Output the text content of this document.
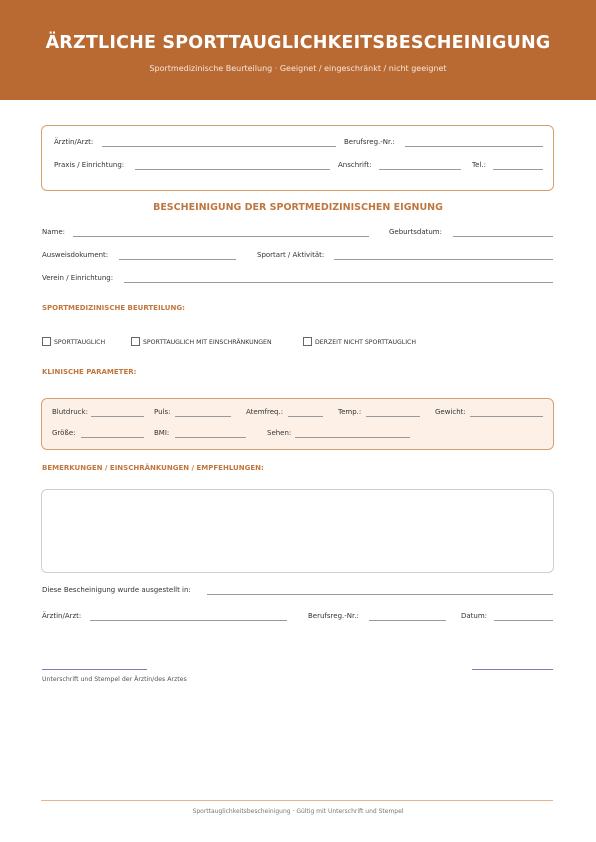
ÄRZTLICHE SPORTTAUGLICHKEITSBESCHEINIGUNG
Sportmedizinische Beurteilung · Geeignet / eingeschränkt / nicht geeignet
Ärztin/Arzt:	Berufsreg.-Nr.:
Praxis / Einrichtung:	Anschrift:	Tel.:
BESCHEINIGUNG DER SPORTMEDIZINISCHEN EIGNUNG
Name:	Geburtsdatum:
Ausweisdokument:	Sportart / Aktivität:
Verein / Einrichtung:
SPORTMEDIZINISCHE BEURTEILUNG:
SPORTTAUGLICH	SPORTTAUGLICH MIT EINSCHRÄNKUNGEN	DERZEIT NICHT SPORTTAUGLICH
KLINISCHE PARAMETER:
Blutdruck:	Puls:	Atemfreq.:	Temp.:	Gewicht:
Größe:	BMI:	Sehen:
BEMERKUNGEN / EINSCHRÄNKUNGEN / EMPFEHLUNGEN:
Diese Bescheinigung wurde ausgestellt in:
Ärztin/Arzt:	Berufsreg.-Nr.:	Datum:
Unterschrift und Stempel der Ärztin/des Arztes
Sporttauglichkeitsbescheinigung · Gültig mit Unterschrift und Stempel
